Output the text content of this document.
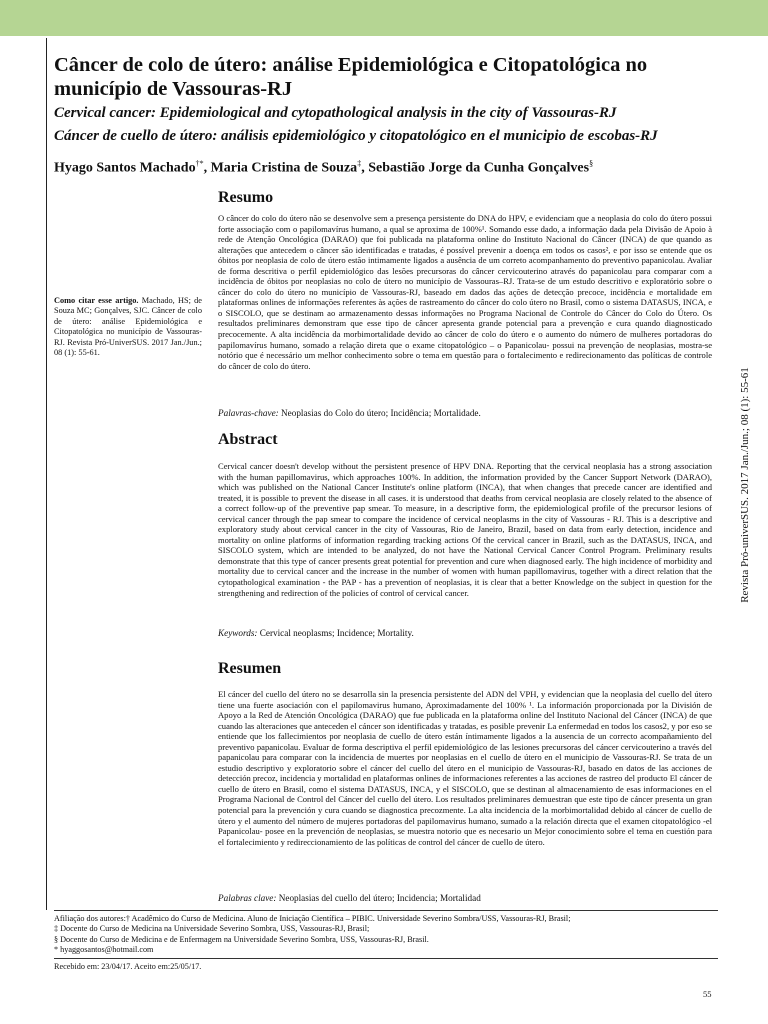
Câncer de colo de útero: análise Epidemiológica e Citopatológica no município de Vassouras-RJ

Cervical cancer: Epidemiological and cytopathological analysis in the city of Vassouras-RJ

Cáncer de cuello de útero: análisis epidemiológico y citopatológico en el municipio de escobas-RJ

Hyago Santos Machado†*, Maria Cristina de Souza‡, Sebastião Jorge da Cunha Gonçalves§

Como citar esse artigo. Machado, HS; de Souza MC; Gonçalves, SJC. Câncer de colo de útero: análise Epidemiológica e Citopatológica no município de Vassouras-RJ. Revista Pró-UniverSUS. 2017 Jan./Jun.; 08 (1): 55-61.

Resumo

O câncer do colo do útero não se desenvolve sem a presença persistente do DNA do HPV, e evidenciam que a neoplasia do colo do útero possui forte associação com o papilomavírus humano, a qual se aproxima de 100%¹. Somando esse dado, a informação dada pela Divisão de Apoio à rede de Atenção Oncológica (DARAO) que foi publicada na plataforma online do Instituto Nacional do Câncer (INCA) de que quando as alterações que antecedem o câncer são identificadas e tratadas, é possível prevenir a doença em todos os casos², e por isso se entende que os óbitos por neoplasia de colo de útero estão intimamente ligados a ausência de um correto acompanhamento do preventivo papanicolau. Avaliar de forma descritiva o perfil epidemiológico das lesões precursoras do câncer cervicouterino através do papanicolau para comparar com a incidência de óbitos por neoplasias no colo de útero no município de Vassouras–RJ. Trata-se de um estudo descritivo e exploratório sobre o câncer do colo do útero no município de Vassouras-RJ, baseado em dados das ações de detecção precoce, incidência e mortalidade em plataformas onlines de informações referentes às ações de rastreamento do câncer do colo útero no Brasil, como o sistema DATASUS, INCA, e o SISCOLO, que se destinam ao armazenamento dessas informações no Programa Nacional de Controle do Câncer do Colo do Útero. Os resultados preliminares demonstram que esse tipo de câncer apresenta grande potencial para a prevenção e cura quando diagnosticado precocemente. A alta incidência da morbimortalidade devido ao câncer de colo do útero e o aumento do número de mulheres portadoras do papilomavírus humano, somado a relação direta que o exame citopatológico – o Papanicolau- possui na prevenção de neoplasias, mostra-se notório que é necessário um melhor conhecimento sobre o tema em questão para o fortalecimento e redirecionamento das políticas de controle do câncer de colo do útero.

Palavras-chave: Neoplasias do Colo do útero; Incidência; Mortalidade.

Abstract

Cervical cancer doesn't develop without the persistent presence of HPV DNA. Reporting that the cervical neoplasia has a strong association with the human papillomavirus, which approaches 100%. In addition, the information provided by the Cancer Support Network (DARAO), which was published on the National Cancer Institute's online platform (INCA), that when changes that precede cancer are identified and treated, it is possible to prevent the disease in all cases. it is understood that deaths from cervical neoplasia are closely related to the absence of a correct follow-up of the preventive pap smear. To measure, in a descriptive form, the epidemiological profile of the precursor lesions of cervical cancer through the pap smear to compare the incidence of cervical neoplasms in the city of Vassouras - RJ. This is a descriptive and exploratory study about cervical cancer in the city of Vassouras, Rio de Janeiro, Brazil, based on data from early detection, incidence and mortality on online platforms of information regarding tracking actions Of the cervical cancer in Brazil, such as the DATASUS, INCA, and SISCOLO system, which are intended to be analyzed, do not have the National Cervical Cancer Control Program. Preliminary results demonstrate that this type of cancer presents great potential for prevention and cure when diagnosed early. The high incidence of morbidity and mortality due to cervical cancer and the increase in the number of women with human papillomavirus, together with a direct relation that the cytopathological examination - the PAP - has a prevention of neoplasias, it is clear that a better Knowledge on the subject in question for the strengthening and redirection of the policies of control of cervical cancer.

Keywords: Cervical neoplasms; Incidence; Mortality.

Resumen

El cáncer del cuello del útero no se desarrolla sin la presencia persistente del ADN del VPH, y evidencian que la neoplasia del cuello del útero tiene una fuerte asociación con el papilomavirus humano, Aproximadamente del 100% ¹. La información proporcionada por la División de Apoyo a la Red de Atención Oncológica (DARAO) que fue publicada en la plataforma online del Instituto Nacional del Cáncer (INCA) de que cuando las alteraciones que anteceden el cáncer son identificadas y tratadas, es posible prevenir La enfermedad en todos los casos2, y por eso se entiende que los fallecimientos por neoplasia de cuello de útero están íntimamente ligados a la ausencia de un correcto acompañamiento del preventivo papanicolau. Evaluar de forma descriptiva el perfil epidemiológico de las lesiones precursoras del cáncer cervicouterino a través del papanicolau para comparar con la incidencia de muertes por neoplasias en el cuello de útero en el municipio de Vassouras-RJ. Se trata de un estudio descriptivo y exploratorio sobre el cáncer del cuello del útero en el municipio de Vassouras-RJ, basado en datos de las acciones de detección precoz, incidencia y mortalidad en plataformas onlines de informaciones referentes a las acciones de rastreo del producto El cáncer de cuello de útero en Brasil, como el sistema DATASUS, INCA, y el SISCOLO, que se destinan al almacenamiento de esas informaciones en el Programa Nacional de Control del Cáncer del cuello del útero. Los resultados preliminares demuestran que este tipo de cáncer presenta un gran potencial para la prevención y cura cuando se diagnostica precozmente. La alta incidencia de la morbimortalidad debido al cáncer de cuello de útero y el aumento del número de mujeres portadoras del papilomavirus humano, sumado a la relación directa que el examen citopatológico -el Papanicolau- posee en la prevención de neoplasias, se muestra notorio que es necesario un Mejor conocimiento sobre el tema en cuestión para el fortalecimiento y redireccionamiento de las políticas de control del cáncer de cuello de útero.

Palabras clave: Neoplasias del cuello del útero; Incidencia; Mortalidad

Revista Pró-univerSUS. 2017 Jan./Jun.; 08 (1): 55-61
Afiliação dos autores:† Acadêmico do Curso de Medicina. Aluno de Iniciação Científica – PIBIC. Universidade Severino Sombra/USS, Vassouras-RJ, Brasil;
‡ Docente do Curso de Medicina na Universidade Severino Sombra, USS, Vassouras-RJ, Brasil;
§ Docente do Curso de Medicina e de Enfermagem na Universidade Severino Sombra, USS, Vassouras-RJ, Brasil.
* hyaggosantos@hotmail.com

Recebido em: 23/04/17. Aceito em:25/05/17.

55
